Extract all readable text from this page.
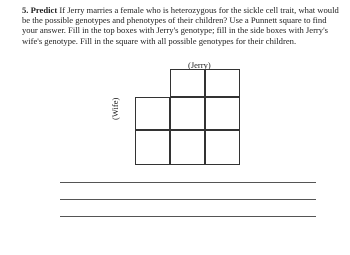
5. Predict If Jerry marries a female who is heterozygous for the sickle cell trait, what would be the possible genotypes and phenotypes of their children? Use a Punnett square to find your answer. Fill in the top boxes with Jerry's genotype; fill in the side boxes with Jerry's wife's genotype. Fill in the square with all possible genotypes for their children.

(Jerry)
(Wife)
